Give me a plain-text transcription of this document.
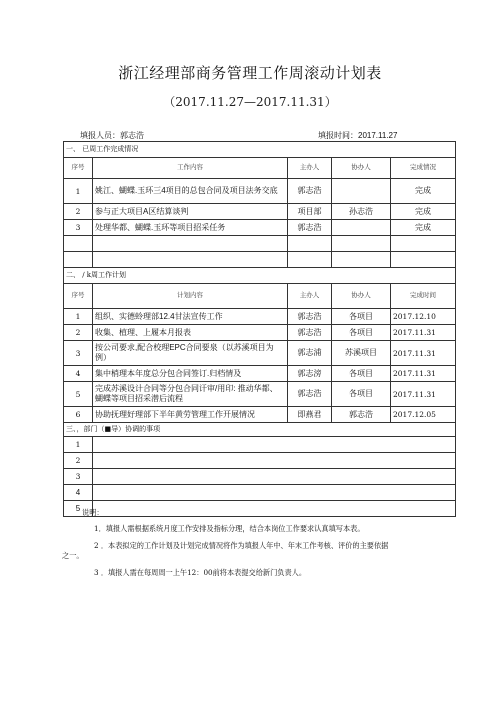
浙江经理部商务管理工作周滚动计划表
（2017.11.27—2017.11.31）
填报人员：郭志浩	填报时间：2017.11.27
一、 已周工作完成情况				
序号	工作内容	主办人	协办人	完成情况
1	姚江、蝴蝶.玉环三4项目的总包合同及项目法务交底	郭志浩		完成
2	参与正大项目A区结算谈判	项目部	孙志浩	完成
3	处理华都、蝴蝶.玉环等项目招采任务	郭志浩		完成

二、 ∕ k周工作计划				
序号	计划内容	主办人	协办人	完成时间
1	组织、实德蛉理部12.4甘法宣传工作	郭志浩	各项目	2017.12.10
2	收集、植理、上履本月报表	郭志浩	各项目	2017.11.31
3	按公司要求,配合校理EPC合同要泉（以苏溪项目为例）	郭志浦	苏溪项目	2017.11.31
4	集中梢理本年度总分包合同签订.归档情及	郭志滂	各项目	2017.11.31
5	完成苏溪设计合同等分包合同讦审/用印: 推动华都、蝴蝶等项目招采潜后流程	郭志浩	各项目	2017.11.31
6	协助抚理好理部下半年黄劳管理工作开展情况	即燕君	郭志浩	2017.12.05
三、，部门（■导）协调的事项				
1				
2				
3				
4				
5				说明：

1．填报人需根据系统月度工作安排及指标分理，结合本岗位工作要求认真填写本表。

2 ．本表拟定的工作计划及计划完成情况将作为填报人年中、年末工作考核、评价的主要依据

之一。

3 ．填报人需在每周周一上午12：00前将本表提交给新门负责人。
